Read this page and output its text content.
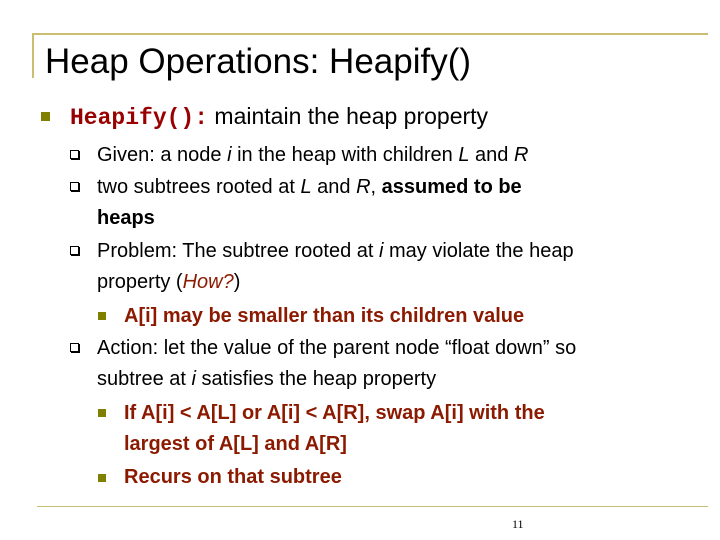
Heap Operations: Heapify()
Heapify(): maintain the heap property
Given: a node i in the heap with children L and R
two subtrees rooted at L and R, assumed to be
heaps
Problem: The subtree rooted at i may violate the heap
property (How?)
A[i] may be smaller than its children value
Action: let the value of the parent node “float down” so
subtree at i satisfies the heap property
If A[i] < A[L] or A[i] < A[R], swap A[i] with the
largest of A[L] and A[R]
Recurs on that subtree
11
